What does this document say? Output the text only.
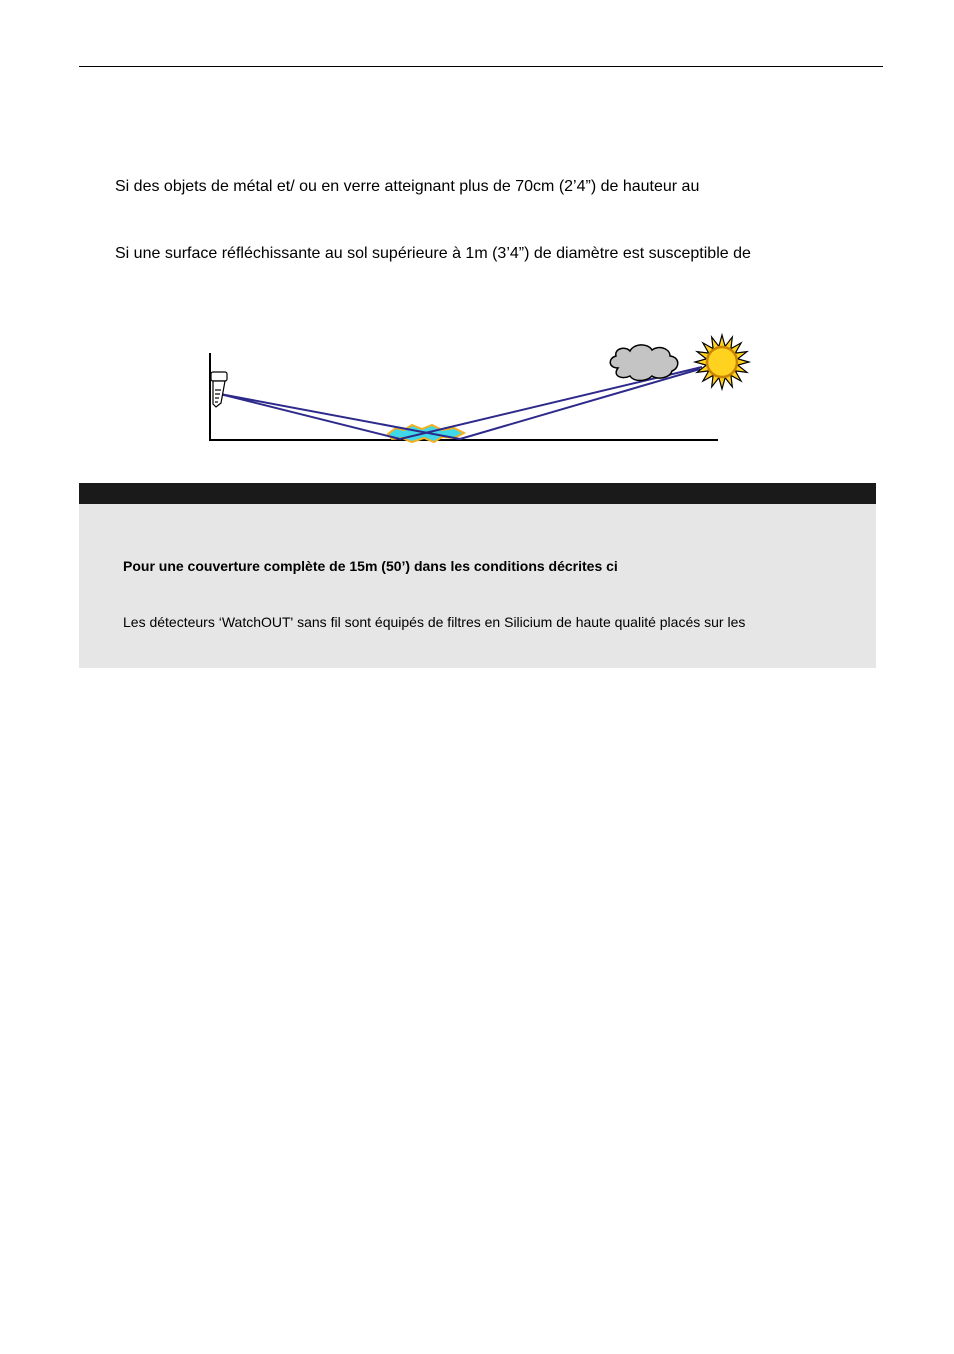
Si des objets de métal et/ ou en verre atteignant plus de 70cm (2’4”) de hauteur au
Si une surface réfléchissante au sol supérieure à 1m (3’4”) de diamètre est susceptible de
Pour une couverture complète de 15m (50’) dans les conditions décrites ci
Les détecteurs ‘WatchOUT' sans fil sont équipés de filtres en Silicium de haute qualité placés sur les
